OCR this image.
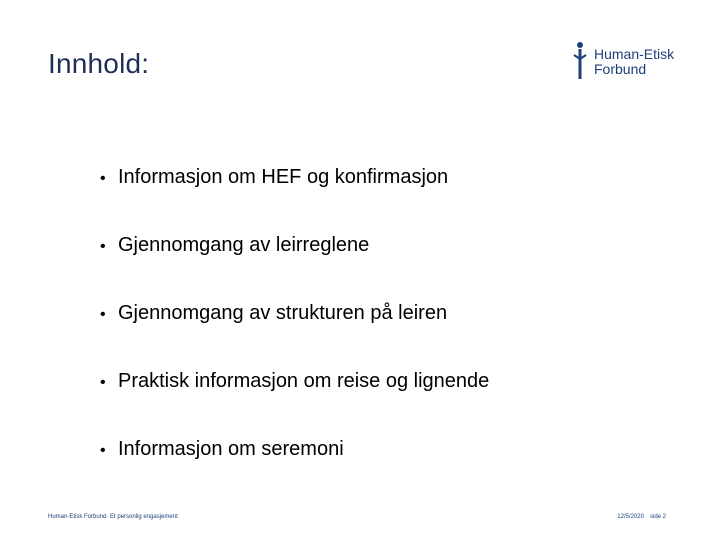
Innhold:	Human-Etisk
Forbund
• Informasjon om HEF og konfirmasjon
• Gjennomgang av leirreglene
• Gjennomgang av strukturen på leiren
• Praktisk informasjon om reise og lignende
• Informasjon om seremoni
Human-Etisk Forbund· Et personlig engasjement	12/5/2020 side 2
